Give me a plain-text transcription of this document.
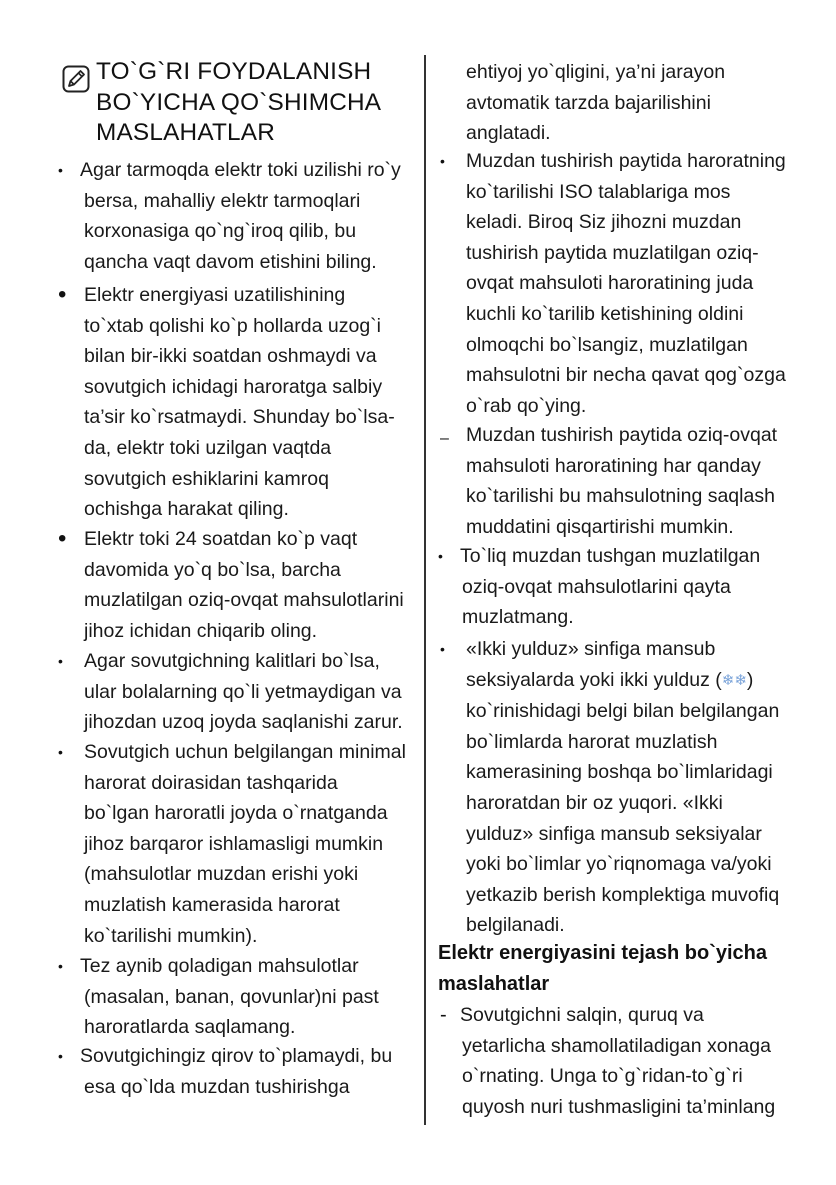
TO`G`RI FOYDALANISH
BO`YICHA QO`SHIMCHA
MASLAHATLAR
• Agar tarmoqda elektr toki uzilishi ro`y
bersa, mahalliy elektr tarmoqlari
korxonasiga qo`ng`iroq qilib, bu
qancha vaqt davom etishini biling.
• Elektr energiyasi uzatilishining
to`xtab qolishi ko`p hollarda uzog`i
bilan bir-ikki soatdan oshmaydi va
sovutgich ichidagi haroratga salbiy
ta’sir ko`rsatmaydi. Shunday bo`lsa-
da, elektr toki uzilgan vaqtda
sovutgich eshiklarini kamroq
ochishga harakat qiling.
• Elektr toki 24 soatdan ko`p vaqt
davomida yo`q bo`lsa, barcha
muzlatilgan oziq-ovqat mahsulotlarini
jihoz ichidan chiqarib oling.
• Agar sovutgichning kalitlari bo`lsa,
ular bolalarning qo`li yetmaydigan va
jihozdan uzoq joyda saqlanishi zarur.
• Sovutgich uchun belgilangan minimal
harorat doirasidan tashqarida
bo`lgan haroratli joyda o`rnatganda
jihoz barqaror ishlamasligi mumkin
(mahsulotlar muzdan erishi yoki
muzlatish kamerasida harorat
ko`tarilishi mumkin).
• Tez aynib qoladigan mahsulotlar
(masalan, banan, qovunlar)ni past
haroratlarda saqlamang.
• Sovutgichingiz qirov to`plamaydi, bu
esa qo`lda muzdan tushirishga
ehtiyoj yo`qligini, ya’ni jarayon
avtomatik tarzda bajarilishini
anglatadi.
• Muzdan tushirish paytida haroratning
ko`tarilishi ISO talablariga mos
keladi. Biroq Siz jihozni muzdan
tushirish paytida muzlatilgan oziq-
ovqat mahsuloti haroratining juda
kuchli ko`tarilib ketishining oldini
olmoqchi bo`lsangiz, muzlatilgan
mahsulotni bir necha qavat qog`ozga
o`rab qo`ying.
– Muzdan tushirish paytida oziq-ovqat
mahsuloti haroratining har qanday
ko`tarilishi bu mahsulotning saqlash
muddatini qisqartirishi mumkin.
• To`liq muzdan tushgan muzlatilgan
oziq-ovqat mahsulotlarini qayta
muzlatmang.
• «Ikki yulduz» sinfiga mansub
seksiyalarda yoki ikki yulduz (❄❄)
ko`rinishidagi belgi bilan belgilangan
bo`limlarda harorat muzlatish
kamerasining boshqa bo`limlaridagi
haroratdan bir oz yuqori. «Ikki
yulduz» sinfiga mansub seksiyalar
yoki bo`limlar yo`riqnomaga va/yoki
yetkazib berish komplektiga muvofiq
belgilanadi.
Elektr energiyasini tejash bo`yicha
maslahatlar
- Sovutgichni salqin, quruq va
yetarlicha shamollatiladigan xonaga
o`rnating. Unga to`g`ridan-to`g`ri
quyosh nuri tushmasligini ta’minlang
